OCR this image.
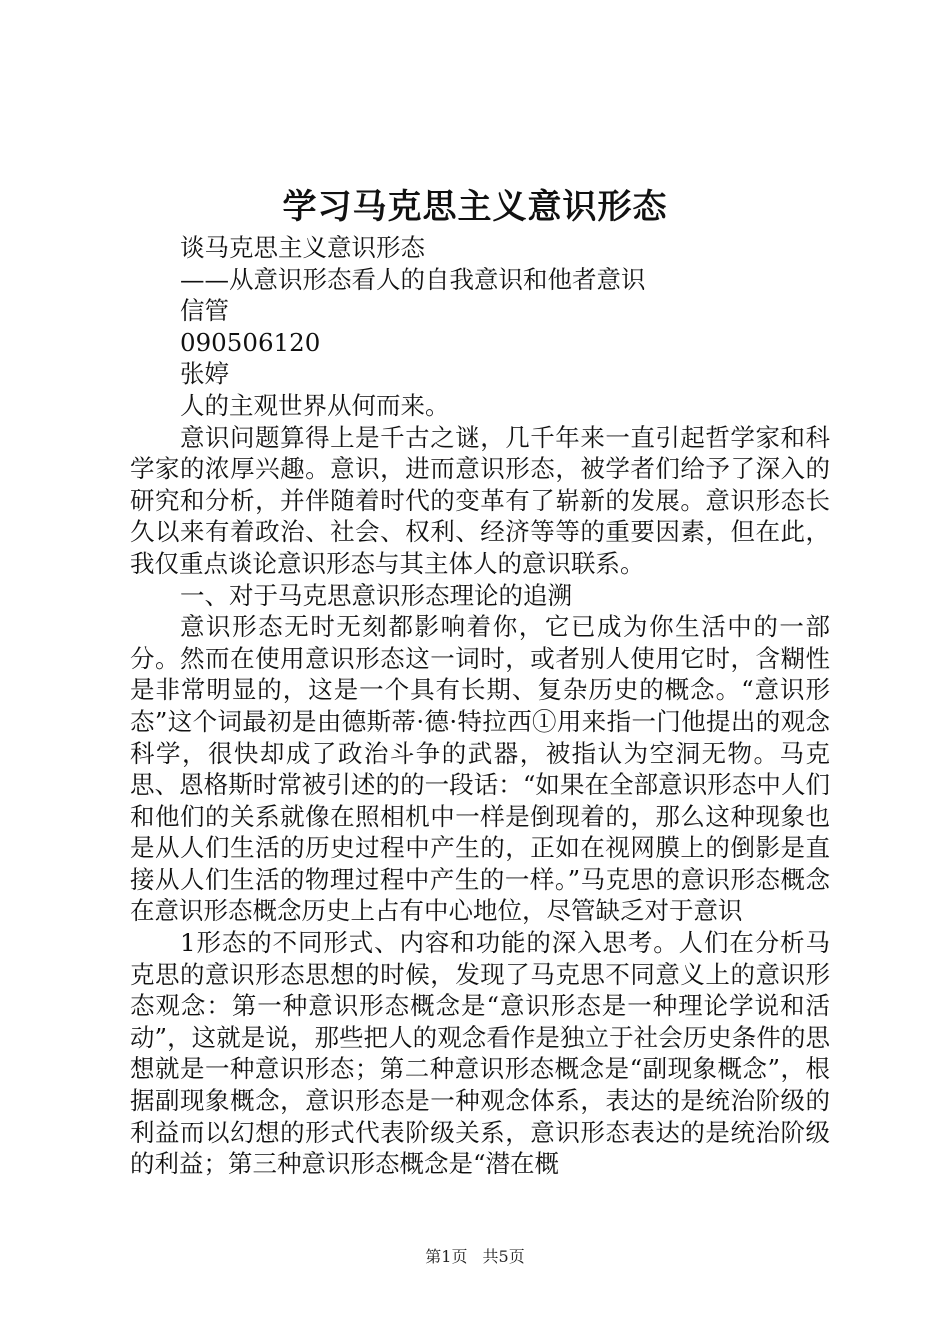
学习马克思主义意识形态
谈马克思主义意识形态
——从意识形态看人的自我意识和他者意识
信管
090506120
张婷
人的主观世界从何而来。

意识问题算得上是千古之谜，几千年来一直引起哲学家和科学家的浓厚兴趣。意识，进而意识形态，被学者们给予了深入的研究和分析，并伴随着时代的变革有了崭新的发展。意识形态长久以来有着政治、社会、权利、经济等等的重要因素，但在此，我仅重点谈论意识形态与其主体人的意识联系。

一、对于马克思意识形态理论的追溯

意识形态无时无刻都影响着你，它已成为你生活中的一部分。然而在使用意识形态这一词时，或者别人使用它时，含糊性是非常明显的，这是一个具有长期、复杂历史的概念。“意识形态”这个词最初是由德斯蒂·德·特拉西①用来指一门他提出的观念科学，很快却成了政治斗争的武器，被指认为空洞无物。马克思、恩格斯时常被引述的的一段话：“如果在全部意识形态中人们和他们的关系就像在照相机中一样是倒现着的，那么这种现象也是从人们生活的历史过程中产生的，正如在视网膜上的倒影是直接从人们生活的物理过程中产生的一样。”马克思的意识形态概念在意识形态概念历史上占有中心地位，尽管缺乏对于意识

1形态的不同形式、内容和功能的深入思考。人们在分析马克思的意识形态思想的时候，发现了马克思不同意义上的意识形态观念：第一种意识形态概念是“意识形态是一种理论学说和活动”，这就是说，那些把人的观念看作是独立于社会历史条件的思想就是一种意识形态；第二种意识形态概念是“副现象概念”，根据副现象概念，意识形态是一种观念体系，表达的是统治阶级的利益而以幻想的形式代表阶级关系，意识形态表达的是统治阶级的利益；第三种意识形态概念是“潜在概

第1页 共5页
